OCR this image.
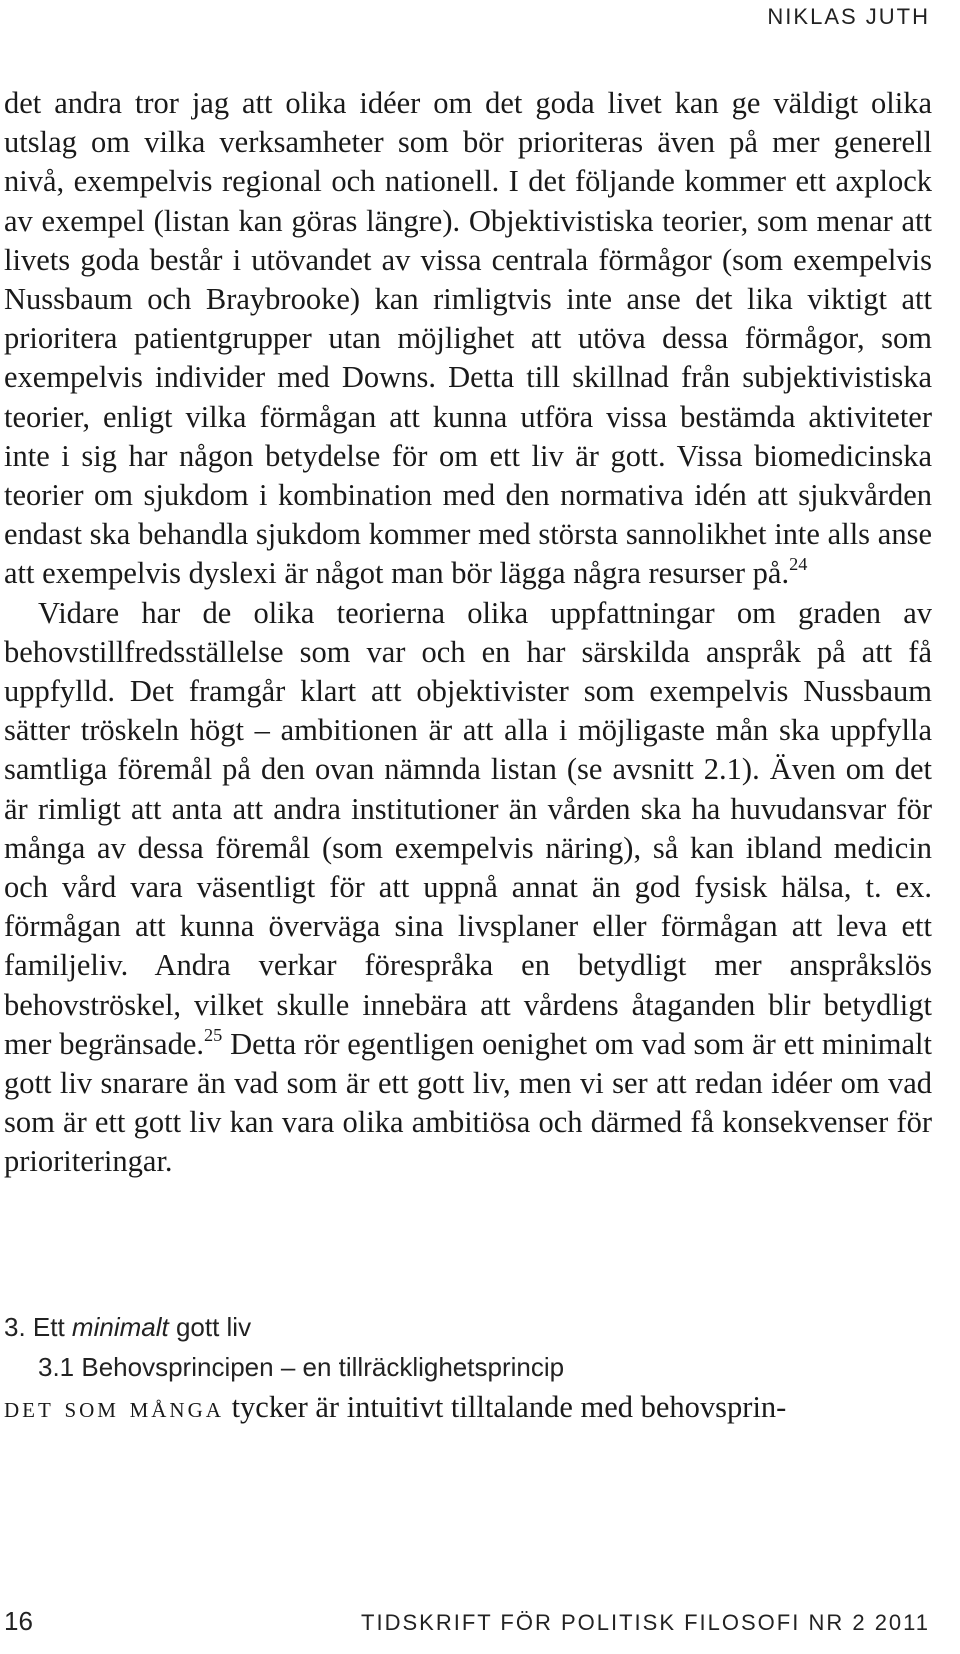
NIKLAS JUTH

det andra tror jag att olika idéer om det goda livet kan ge väldigt olika utslag om vilka verksamheter som bör prioriteras även på mer generell nivå, exempelvis regional och nationell. I det följande kommer ett axplock av exempel (listan kan göras längre). Objektivistiska teorier, som menar att livets goda består i utövandet av vissa centrala förmågor (som exempelvis Nussbaum och Braybrooke) kan rimligtvis inte anse det lika viktigt att prioritera patientgrupper utan möjlighet att utöva dessa förmågor, som exempelvis individer med Downs. Detta till skillnad från subjektivistiska teorier, enligt vilka förmågan att kunna utföra vissa bestämda aktiviteter inte i sig har någon betydelse för om ett liv är gott. Vissa biomedicinska teorier om sjukdom i kombination med den normativa idén att sjukvården endast ska behandla sjukdom kommer med största sannolikhet inte alls anse att exempelvis dyslexi är något man bör lägga några resurser på.$^{24}$

Vidare har de olika teorierna olika uppfattningar om graden av behovstillfredsställelse som var och en har särskilda anspråk på att få uppfylld. Det framgår klart att objektivister som exempelvis Nussbaum sätter tröskeln högt – ambitionen är att alla i möjligaste mån ska uppfylla samtliga föremål på den ovan nämnda listan (se avsnitt 2.1). Även om det är rimligt att anta att andra institutioner än vården ska ha huvudansvar för många av dessa föremål (som exempelvis näring), så kan ibland medicin och vård vara väsentligt för att uppnå annat än god fysisk hälsa, t. ex. förmågan att kunna överväga sina livsplaner eller förmågan att leva ett familjeliv. Andra verkar förespråka en betydligt mer anspråkslös behovströskel, vilket skulle innebära att vårdens åtaganden blir betydligt mer begränsade.$^{25}$ Detta rör egentligen oenighet om vad som är ett minimalt gott liv snarare än vad som är ett gott liv, men vi ser att redan idéer om vad som är ett gott liv kan vara olika ambitiösa och därmed få konsekvenser för prioriteringar.

3. Ett minimalt gott liv
3.1 Behovsprincipen – en tillräcklighetsprincip
det som många tycker är intuitivt tilltalande med behovsprin-
16	TIDSKRIFT FÖR POLITISK FILOSOFI NR 2 2011
